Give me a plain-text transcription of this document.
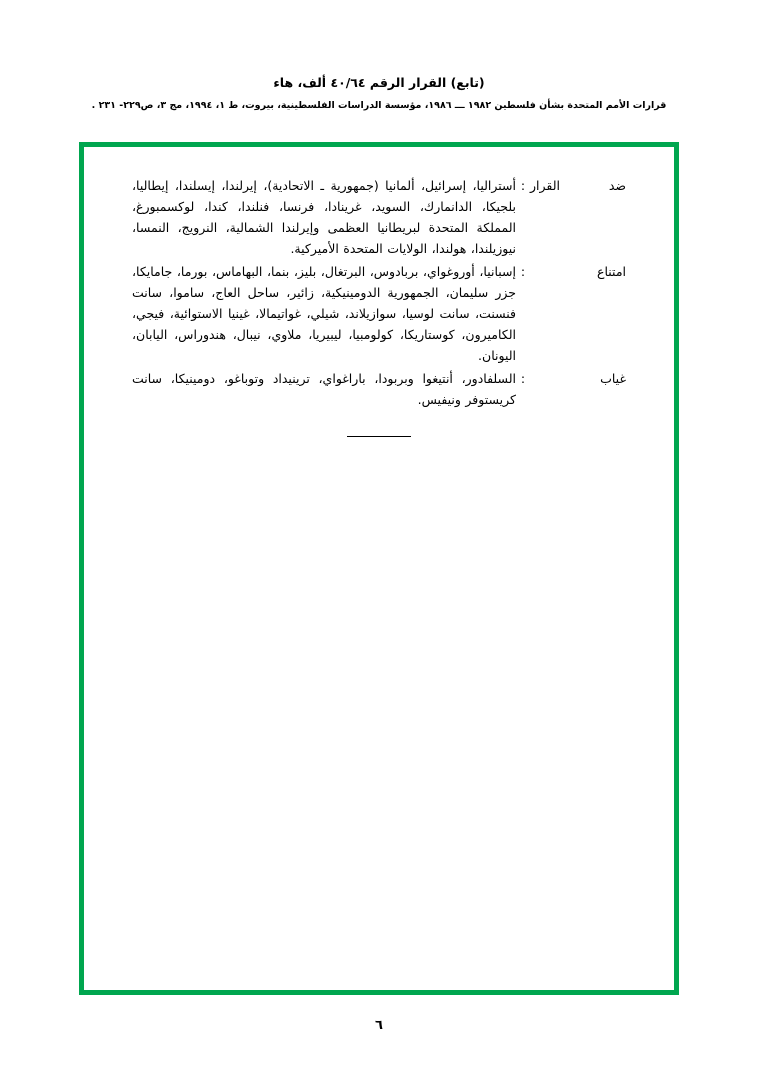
(تابع) القرار الرقم ٤٠/٦٤ ألف، هاء
قرارات الأمم المتحدة بشأن فلسطين ١٩٨٢ ـــ ١٩٨٦، مؤسسة الدراسات الفلسطينية، بيروت، ط ١، ١٩٩٤، مج ٣، ص٢٢٩- ٢٣١ .
ضد القرار
:
أستراليا، إسرائيل، ألمانيا (جمهورية ـ الاتحادية)، إيرلندا، إيسلندا، إيطاليا، بلجيكا، الدانمارك، السويد، غرينادا، فرنسا، فنلندا، كندا، لوكسمبورغ، المملكة المتحدة لبريطانيا العظمى وإيرلندا الشمالية، النرويج، النمسا، نيوزيلندا، هولندا، الولايات المتحدة الأميركية.
امتناع
:
إسبانيا، أوروغواي، بربادوس، البرتغال، بليز، بنما، البهاماس، بورما، جامايكا، جزر سليمان، الجمهورية الدومينيكية، زائير، ساحل العاج، ساموا، سانت فنسنت، سانت لوسيا، سوازيلاند، شيلي، غواتيمالا، غينيا الاستوائية، فيجي، الكاميرون، كوستاريكا، كولومبيا، ليبيريا، ملاوي، نيبال، هندوراس، اليابان، اليونان.
غياب
:
السلفادور، أنتيغوا وبربودا، باراغواي، ترينيداد وتوباغو، دومينيكا، سانت كريستوفر ونيفيس.
٦
